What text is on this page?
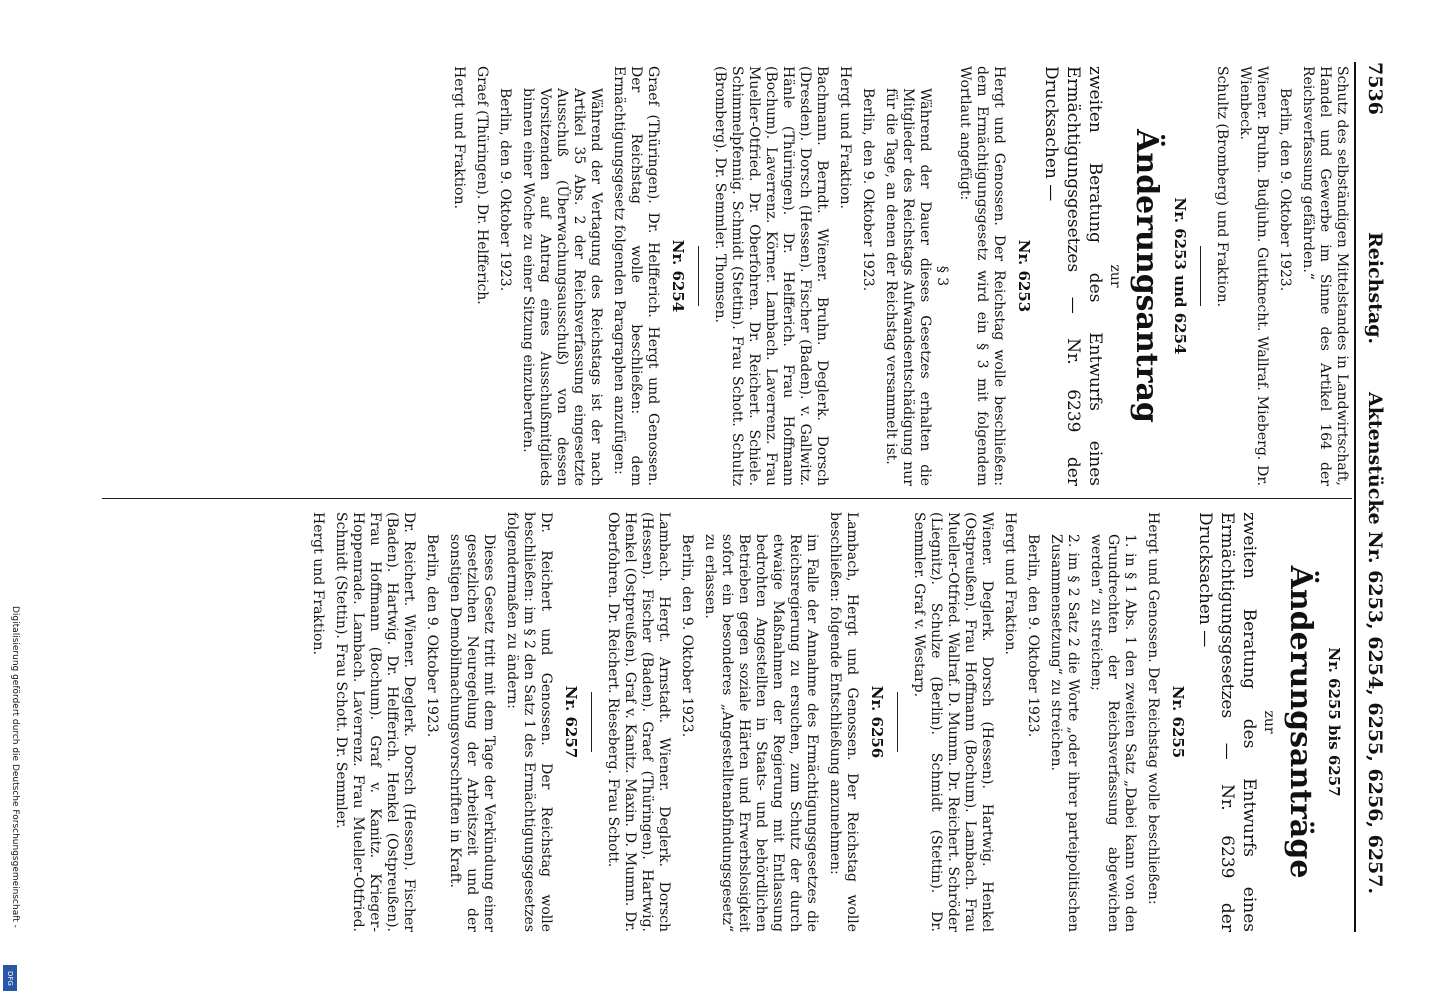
7536
Reichstag.
Aktenstücke Nr. 6253, 6254, 6255, 6256, 6257.

Schutz des selbständigen Mittelstandes in Landwirtschaft, Handel und Gewerbe im Sinne des Artikel 164 der Reichsverfassung gefährden.“

Berlin, den 9. Oktober 1923.

Wiener. Bruhn. Budjuhn. Guttknecht. Wallraf. Mieberg. Dr. Wienbeck.

Schultz (Bromberg) und Fraktion.

Nr. 6253 und 6254
Änderungsantrag
zur

zweiten Beratung des Entwurfs eines Ermächtigungsgesetzes — Nr. 6239 der Drucksachen —

Nr. 6253

Hergt und Genossen. Der Reichstag wolle beschließen: dem Ermächtigungsgesetz wird ein § 3 mit folgendem Wortlaut angefügt:

§ 3

Während der Dauer dieses Gesetzes erhalten die Mitglieder des Reichstags Aufwandsentschädigung nur für die Tage, an denen der Reichstag versammelt ist.

Berlin, den 9. Oktober 1923.

Hergt und Fraktion.

Bachmann. Berndt. Wiener. Bruhn. Deglerk. Dorsch (Dresden). Dorsch (Hessen). Fischer (Baden). v. Gallwitz. Hänle (Thüringen). Dr. Helfferich. Frau Hoffmann (Bochum). Laverrenz. Körner. Lambach. Laverrenz. Frau Mueller-Otfried. Dr. Oberfohren. Dr. Reichert. Schiele. Schimmelpfennig. Schmidt (Stettin). Frau Schott. Schultz (Bromberg). Dr. Semmler. Thomsen.

Nr. 6254

Graef (Thüringen). Dr. Helfferich. Hergt und Genossen. Der Reichstag wolle beschließen: dem Ermächtigungsgesetz folgenden Paragraphen anzufügen:

Während der Vertagung des Reichstags ist der nach Artikel 35 Abs. 2 der Reichsverfassung eingesetzte Ausschuß (Überwachungsausschuß) von dessen Vorsitzenden auf Antrag eines Ausschußmitglieds binnen einer Woche zu einer Sitzung einzuberufen.

Berlin, den 9. Oktober 1923.

Graef (Thüringen). Dr. Helfferich.

Hergt und Fraktion.

Nr. 6255 bis 6257
Änderungsanträge
zur

zweiten Beratung des Entwurfs eines Ermächtigungsgesetzes — Nr. 6239 der Drucksachen —

Nr. 6255

Hergt und Genossen. Der Reichstag wolle beschließen:

1. in § 1 Abs. 1 den zweiten Satz „Dabei kann von den Grundrechten der Reichsverfassung abgewichen werden“ zu streichen;

2. im § 2 Satz 2 die Worte „oder ihrer parteipolitischen Zusammensetzung“ zu streichen.

Berlin, den 9. Oktober 1923.

Hergt und Fraktion.

Wiener. Deglerk. Dorsch (Hessen). Hartwig. Henkel (Ostpreußen). Frau Hoffmann (Bochum). Lambach. Frau Mueller-Otfried. Wallraf. D. Mumm. Dr. Reichert. Schröder (Liegnitz). Schulze (Berlin). Schmidt (Stettin). Dr. Semmler. Graf v. Westarp.

Nr. 6256

Lambach, Hergt und Genossen. Der Reichstag wolle beschließen: folgende Entschließung anzunehmen:

im Falle der Annahme des Ermächtigungsgesetzes die Reichsregierung zu ersuchen, zum Schutz der durch etwaige Maßnahmen der Regierung mit Entlassung bedrohten Angestellten in Staats- und behördlichen Betrieben gegen soziale Härten und Erwerbslosigkeit sofort ein besonderes „Angestelltenabfindungsgesetz“ zu erlassen.

Berlin, den 9. Oktober 1923.

Lambach. Hergt. Arnstadt. Wiener. Deglerk. Dorsch (Hessen). Fischer (Baden). Graef (Thüringen). Hartwig. Henkel (Ostpreußen). Graf v. Kanitz. Maxin. D. Mumm. Dr. Oberfohren. Dr. Reichert. Rieseberg. Frau Schott.

Nr. 6257

Dr. Reichert und Genossen. Der Reichstag wolle beschließen: im § 2 den Satz 1 des Ermächtigungsgesetzes folgendermaßen zu ändern:

Dieses Gesetz tritt mit dem Tage der Verkündung einer gesetzlichen Neuregelung der Arbeitszeit und der sonstigen Demobilmachungsvorschriften in Kraft.

Berlin, den 9. Oktober 1923.

Dr. Reichert. Wiener. Deglerk. Dorsch (Hessen). Fischer (Baden). Hartwig. Dr. Helfferich. Henkel (Ostpreußen). Frau Hoffmann (Bochum). Graf v. Kanitz. Krieger-Hoppenrade. Lambach. Laverrenz. Frau Mueller-Otfried. Schmidt (Stettin). Frau Schott. Dr. Semmler.

Hergt und Fraktion.

Digitalisierung gefördert durch die Deutsche Forschungsgemeinschaft -
DFG
